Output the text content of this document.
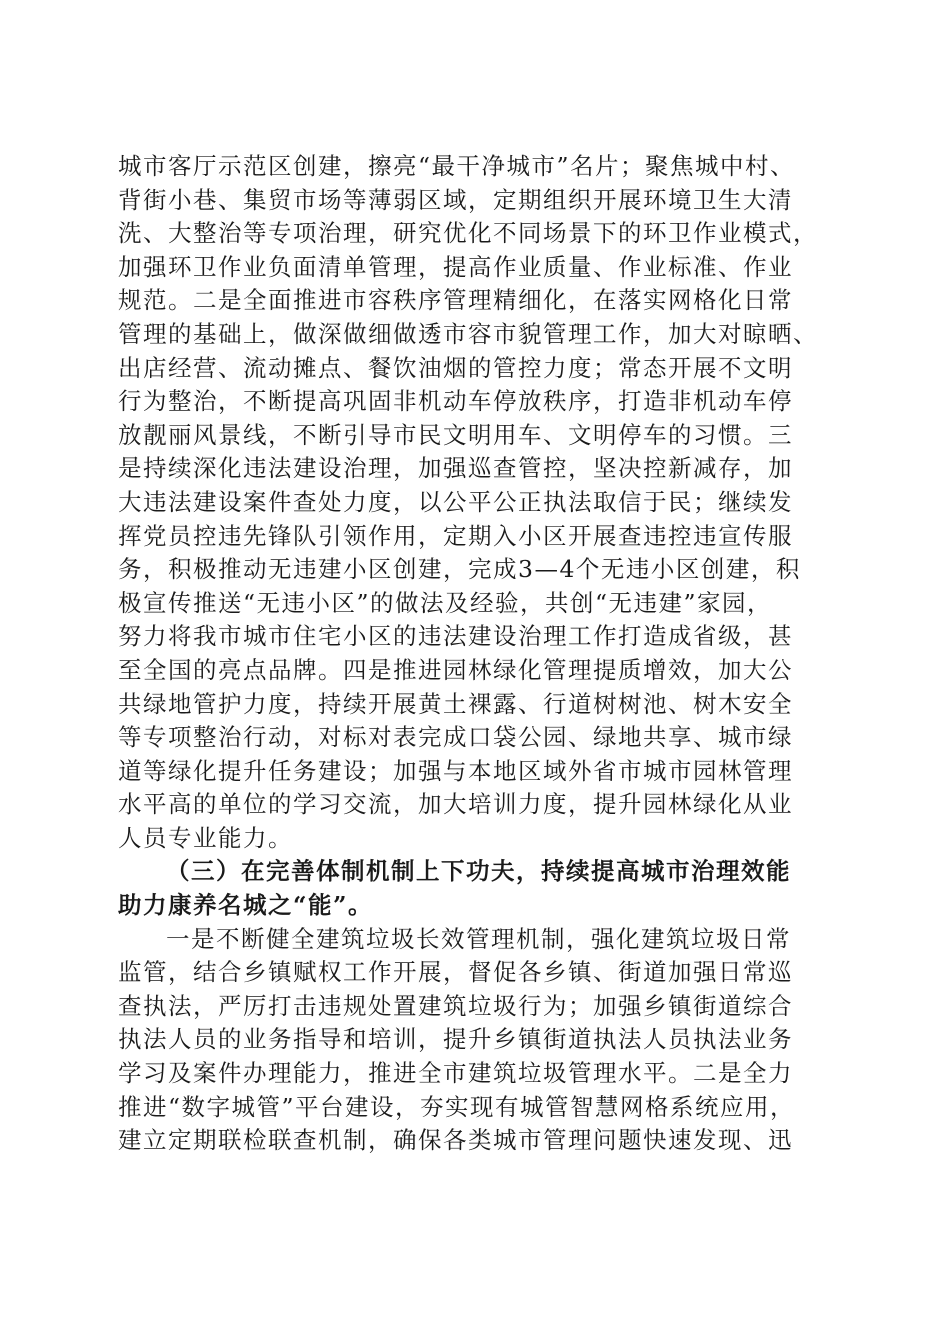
城市客厅示范区创建，擦亮“最干净城市”名片；聚焦城中村、
背街小巷、集贸市场等薄弱区域，定期组织开展环境卫生大清
洗、大整治等专项治理，研究优化不同场景下的环卫作业模式，
加强环卫作业负面清单管理，提高作业质量、作业标准、作业
规范。二是全面推进市容秩序管理精细化，在落实网格化日常
管理的基础上，做深做细做透市容市貌管理工作，加大对晾晒、
出店经营、流动摊点、餐饮油烟的管控力度；常态开展不文明
行为整治，不断提高巩固非机动车停放秩序，打造非机动车停
放靓丽风景线，不断引导市民文明用车、文明停车的习惯。三
是持续深化违法建设治理，加强巡查管控，坚决控新减存，加
大违法建设案件查处力度，以公平公正执法取信于民；继续发
挥党员控违先锋队引领作用，定期入小区开展查违控违宣传服
务，积极推动无违建小区创建，完成3—4个无违小区创建，积
极宣传推送“无违小区”的做法及经验，共创“无违建”家园，
努力将我市城市住宅小区的违法建设治理工作打造成省级，甚
至全国的亮点品牌。四是推进园林绿化管理提质增效，加大公
共绿地管护力度，持续开展黄土裸露、行道树树池、树木安全
等专项整治行动，对标对表完成口袋公园、绿地共享、城市绿
道等绿化提升任务建设；加强与本地区域外省市城市园林管理
水平高的单位的学习交流，加大培训力度，提升园林绿化从业
人员专业能力。
（三）在完善体制机制上下功夫，持续提高城市治理效能
助力康养名城之“能”。
一是不断健全建筑垃圾长效管理机制，强化建筑垃圾日常
监管，结合乡镇赋权工作开展，督促各乡镇、街道加强日常巡
查执法，严厉打击违规处置建筑垃圾行为；加强乡镇街道综合
执法人员的业务指导和培训，提升乡镇街道执法人员执法业务
学习及案件办理能力，推进全市建筑垃圾管理水平。二是全力
推进“数字城管”平台建设，夯实现有城管智慧网格系统应用，
建立定期联检联查机制，确保各类城市管理问题快速发现、迅
